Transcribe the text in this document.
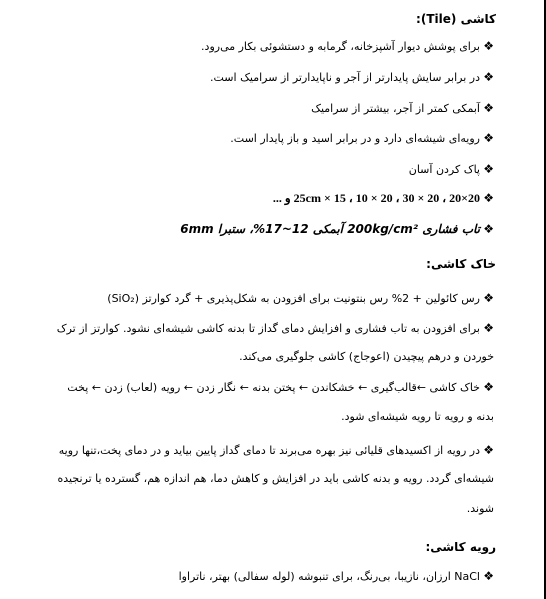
كاشی (Tile):
❖برای پوشش دیوار آشپزخانه، گرمابه و دستشوئی بکار می‌رود.
❖در برابر سایش پایدارتر از آجر و ناپایدارتر از سرامیک است.
❖آبمکی کمتر از آجر، بیشتر از سرامیک
❖رویه‌ای شیشه‌ای دارد و در برابر اسید و باز پایدار است.
❖پاک کردن آسان
❖20×20 ، 20 × 30 ، 20 × 10 ، 15 × 25cm و ...
❖تاب فشاری 200kg/cm² آبمکی 12~17%، ستبرا 6mm
خاک کاشی:
❖رس کائولین + 2% رس بنتونیت برای افزودن به شکل‌پذیری + گرد کوارتز (SiO₂)
❖برای افزودن به تاب فشاری و افزایش دمای گداز تا بدنه کاشی شیشه‌ای نشود. کوارتز از ترک
خوردن و درهم پیچیدن (اعوجاج) کاشی جلوگیری می‌کند.
❖خاک کاشی ←قالب‌گیری ← خشکاندن ← پختن بدنه ← نگار زدن ← رویه (لعاب) زدن ← پخت
بدنه و رویه تا رویه شیشه‌ای شود.
❖در رویه از اکسیدهای قلیائی نیز بهره می‌برند تا دمای گداز پایین بیاید و در دمای پخت،تنها رویه
شیشه‌ای گردد. رویه و بدنه کاشی باید در افزایش و کاهش دما، هم اندازه هم، گسترده یا ترنجیده
شوند.
رویه کاشی:
❖NaCl ارزان، نازیبا، بی‌رنگ، برای تنبوشه (لوله سفالی) بهتر، ناتراوا
